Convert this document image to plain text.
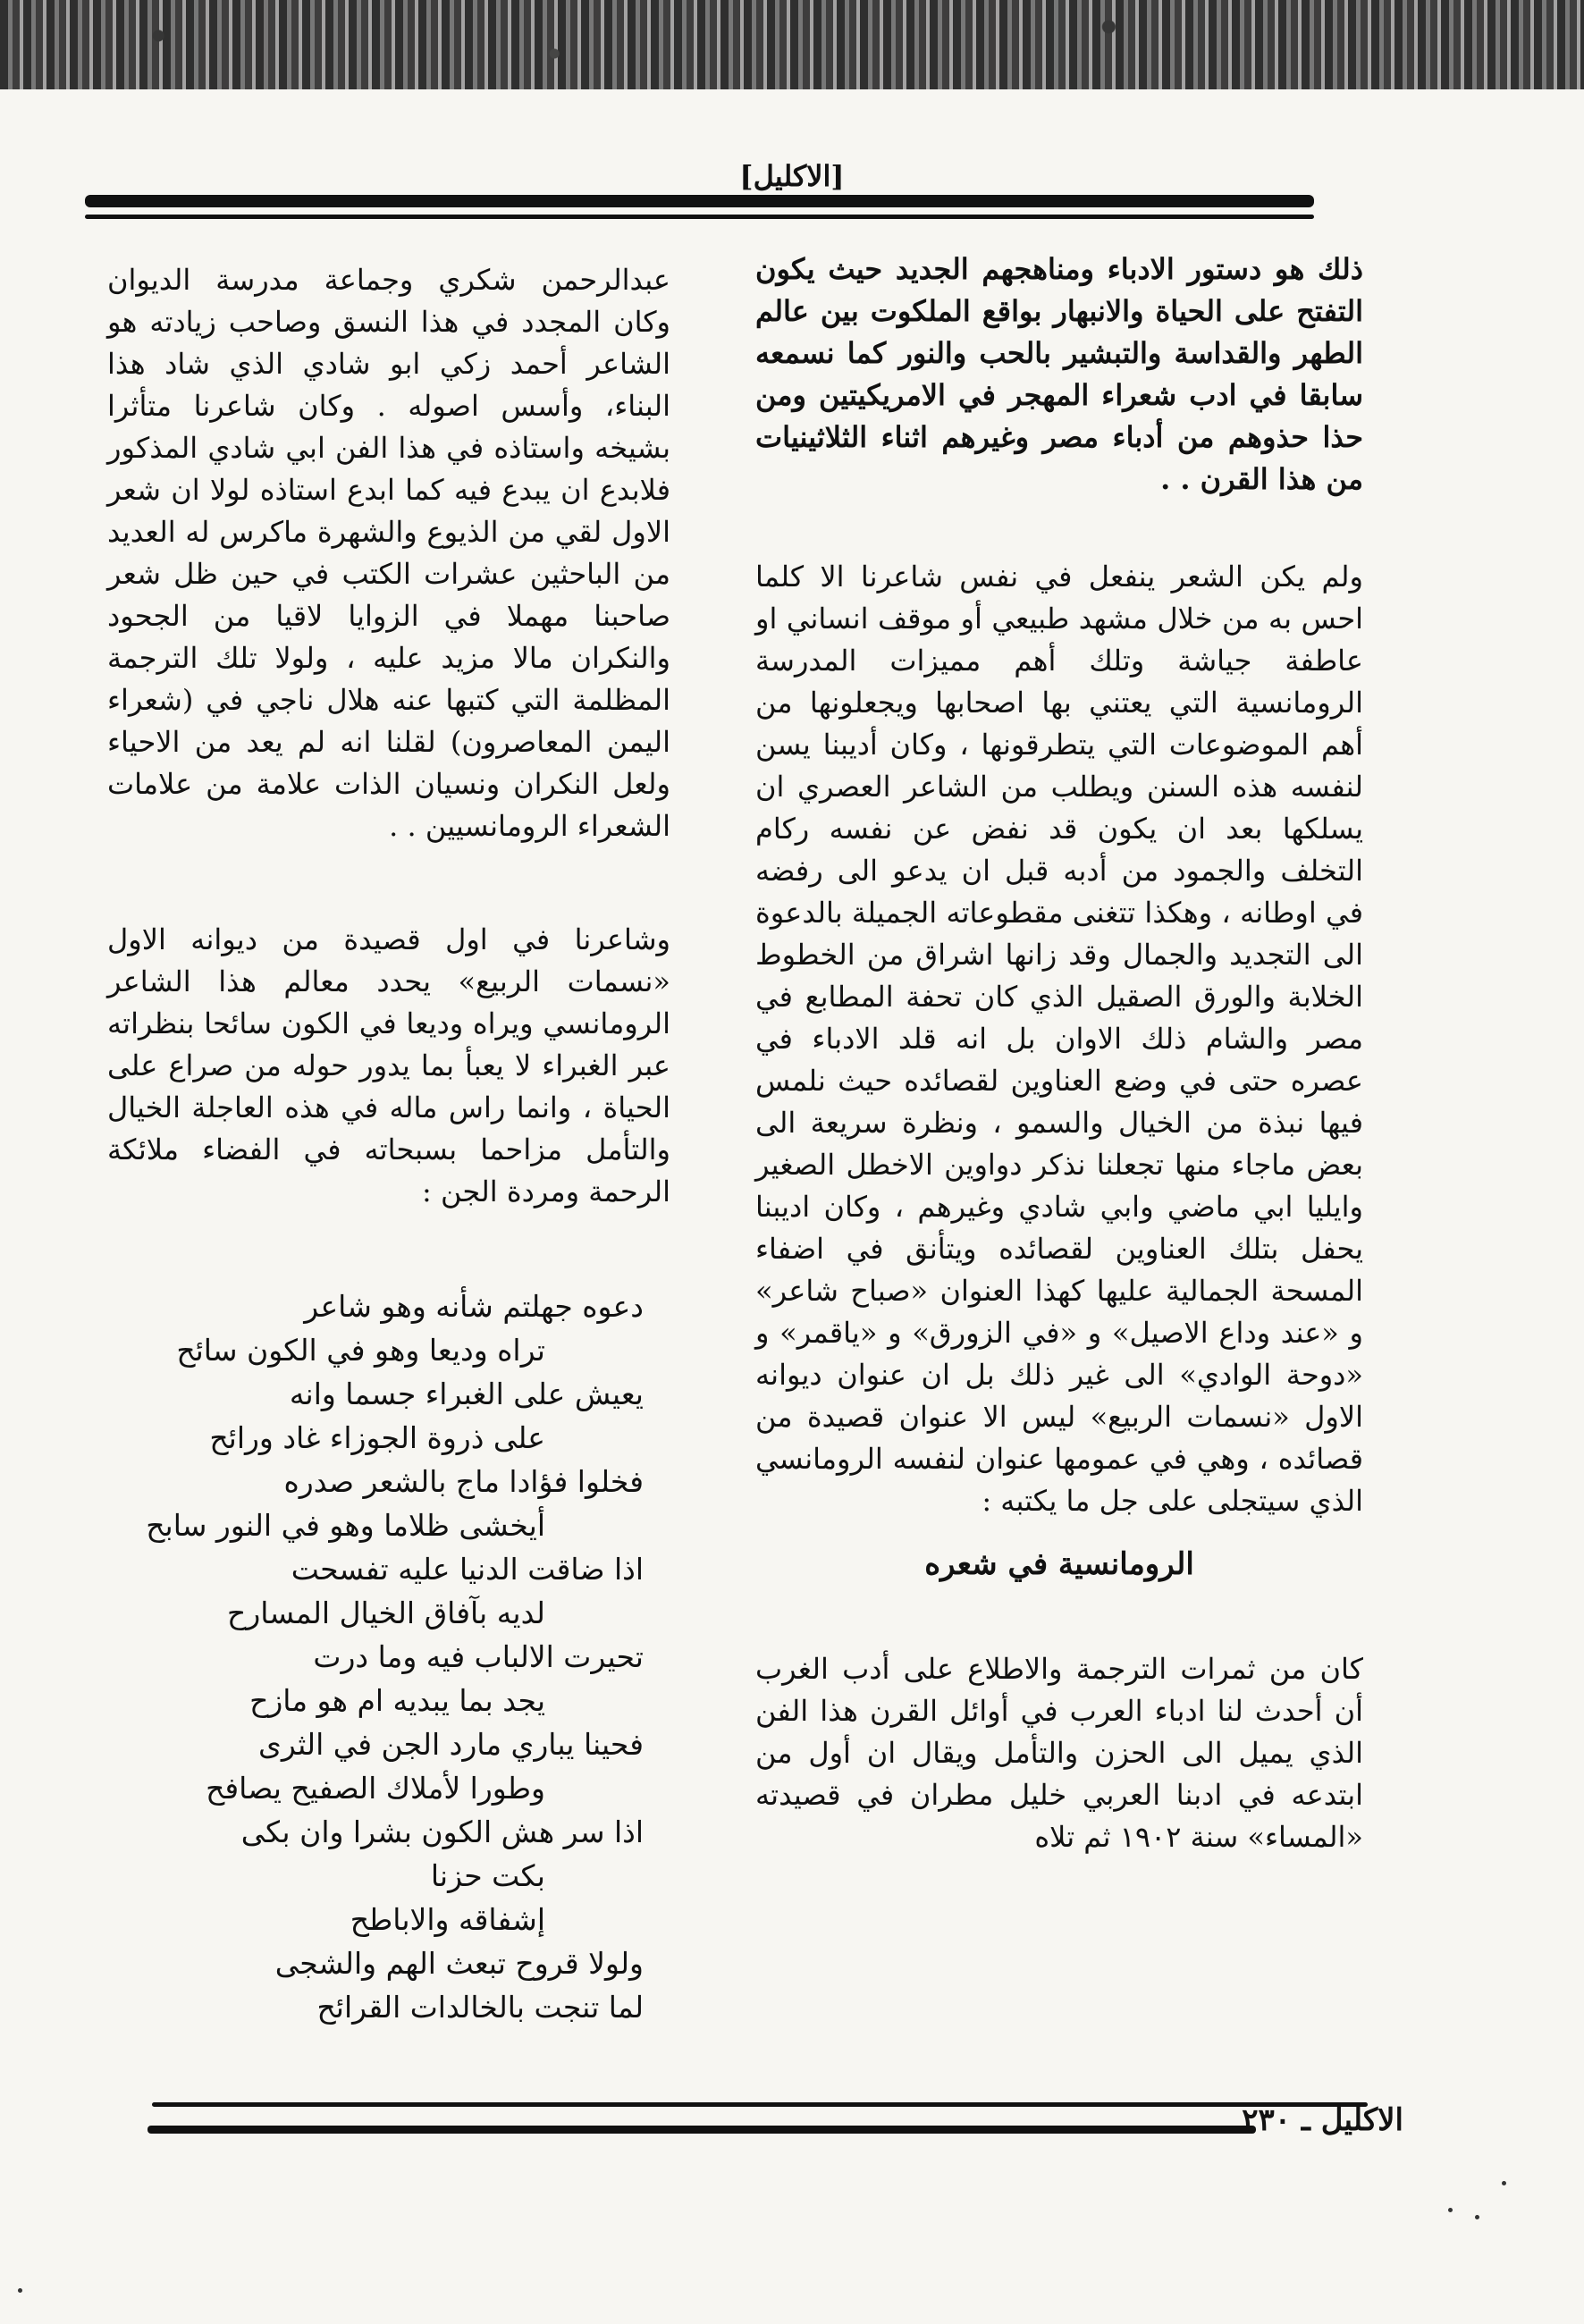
[الاكليل]

ذلك هو دستور الادباء ومناهجهم الجديد حيث يكون التفتح على الحياة والانبهار بواقع الملكوت بين عالم الطهر والقداسة والتبشير بالحب والنور كما نسمعه سابقا في ادب شعراء المهجر في الامريكيتين ومن حذا حذوهم من أدباء مصر وغيرهم اثناء الثلاثينيات من هذا القرن . .

ولم يكن الشعر ينفعل في نفس شاعرنا الا كلما احس به من خلال مشهد طبيعي أو موقف انساني او عاطفة جياشة وتلك أهم مميزات المدرسة الرومانسية التي يعتني بها اصحابها ويجعلونها من أهم الموضوعات التي يتطرقونها ، وكان أديبنا يسن لنفسه هذه السنن ويطلب من الشاعر العصري ان يسلكها بعد ان يكون قد نفض عن نفسه ركام التخلف والجمود من أدبه قبل ان يدعو الى رفضه في اوطانه ، وهكذا تتغنى مقطوعاته الجميلة بالدعوة الى التجديد والجمال وقد زانها اشراق من الخطوط الخلابة والورق الصقيل الذي كان تحفة المطابع في مصر والشام ذلك الاوان بل انه قلد الادباء في عصره حتى في وضع العناوين لقصائده حيث نلمس فيها نبذة من الخيال والسمو ، ونظرة سريعة الى بعض ماجاء منها تجعلنا نذكر دواوين الاخطل الصغير وايليا ابي ماضي وابي شادي وغيرهم ، وكان اديبنا يحفل بتلك العناوين لقصائده ويتأنق في اضفاء المسحة الجمالية عليها كهذا العنوان «صباح شاعر» و «عند وداع الاصيل» و «في الزورق» و «ياقمر» و «دوحة الوادي» الى غير ذلك بل ان عنوان ديوانه الاول «نسمات الربيع» ليس الا عنوان قصيدة من قصائده ، وهي في عمومها عنوان لنفسه الرومانسي الذي سيتجلى على جل ما يكتبه :

الرومانسية في شعره

كان من ثمرات الترجمة والاطلاع على أدب الغرب أن أحدث لنا ادباء العرب في أوائل القرن هذا الفن الذي يميل الى الحزن والتأمل ويقال ان أول من ابتدعه في ادبنا العربي خليل مطران في قصيدته «المساء» سنة ١٩٠٢ ثم تلاه

عبدالرحمن شكري وجماعة مدرسة الديوان وكان المجدد في هذا النسق وصاحب زيادته هو الشاعر أحمد زكي ابو شادي الذي شاد هذا البناء، وأسس اصوله . وكان شاعرنا متأثرا بشيخه واستاذه في هذا الفن ابي شادي المذكور فلابدع ان يبدع فيه كما ابدع استاذه لولا ان شعر الاول لقي من الذيوع والشهرة ماكرس له العديد من الباحثين عشرات الكتب في حين ظل شعر صاحبنا مهملا في الزوايا لاقيا من الجحود والنكران مالا مزيد عليه ، ولولا تلك الترجمة المظلمة التي كتبها عنه هلال ناجي في (شعراء اليمن المعاصرون) لقلنا انه لم يعد من الاحياء ولعل النكران ونسيان الذات علامة من علامات الشعراء الرومانسيين . .

وشاعرنا في اول قصيدة من ديوانه الاول «نسمات الربيع» يحدد معالم هذا الشاعر الرومانسي ويراه وديعا في الكون سائحا بنظراته عبر الغبراء لا يعبأ بما يدور حوله من صراع على الحياة ، وانما راس ماله في هذه العاجلة الخيال والتأمل مزاحما بسبحاته في الفضاء ملائكة الرحمة ومردة الجن :

دعوه جهلتم شأنه وهو شاعر
تراه وديعا وهو في الكون سائح
يعيش على الغبراء جسما وانه
على ذروة الجوزاء غاد ورائح
فخلوا فؤادا ماج بالشعر صدره
أيخشى ظلاما وهو في النور سابح
اذا ضاقت الدنيا عليه تفسحت
لديه بآفاق الخيال المسارح
تحيرت الالباب فيه وما درت
يجد بما يبديه ام هو مازح
فحينا يباري مارد الجن في الثرى
وطورا لأملاك الصفيح يصافح
اذا سر هش الكون بشرا وان بكى
بكت حزنا
إشفاقه والاباطح
ولولا قروح تبعث الهم والشجى
لما تنجت بالخالدات القرائح
الاكليل ـ ٢٣٠ ـ
